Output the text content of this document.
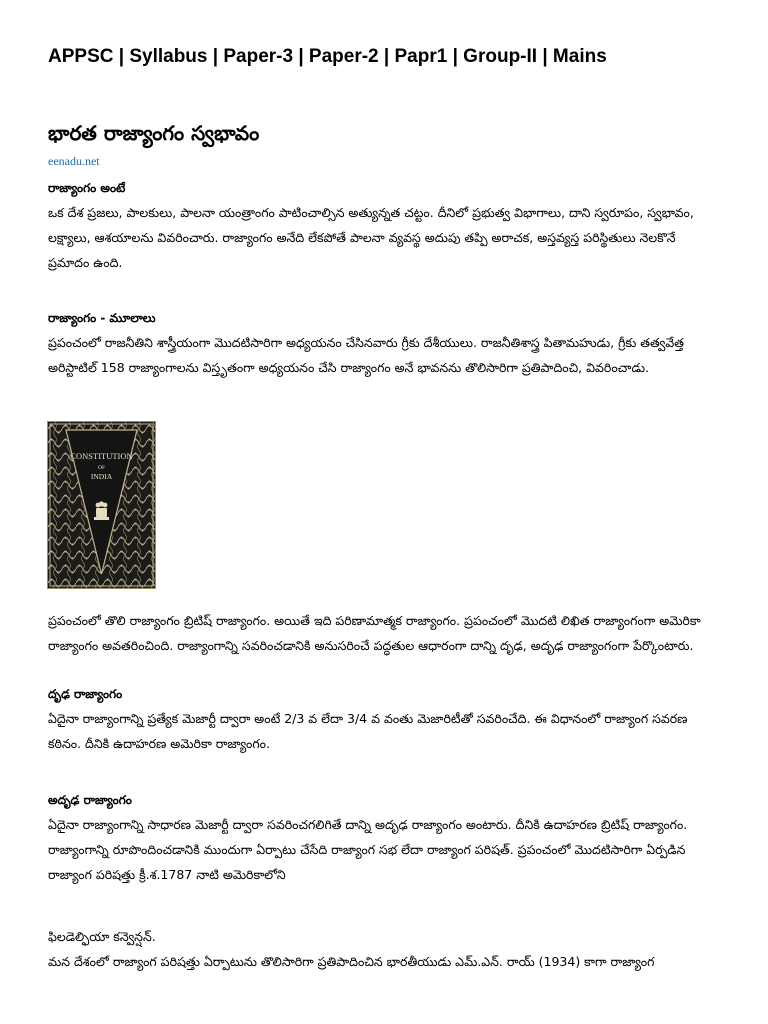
APPSC | Syllabus | Paper-3 | Paper-2 | Papr1 | Group-II | Mains
భారత రాజ్యాంగం స్వభావం
eenadu.net
రాజ్యాంగం అంటే

ఒక దేశ ప్రజలు, పాలకులు, పాలనా యంత్రాంగం పాటించాల్సిన అత్యున్నత చట్టం. దీనిలో ప్రభుత్వ విభాగాలు, దాని స్వరూపం, స్వభావం, లక్ష్యాలు, ఆశయాలను వివరించారు. రాజ్యాంగం అనేది లేకపోతే పాలనా వ్యవస్థ అదుపు తప్పి అరాచక, అస్తవ్యస్త పరిస్థితులు నెలకొనే ప్రమాదం ఉంది.

రాజ్యాంగం - మూలాలు

ప్రపంచంలో రాజనీతిని శాస్త్రీయంగా మొదటిసారిగా అధ్యయనం చేసినవారు గ్రీకు దేశీయులు. రాజనీతిశాస్త్ర పితామహుడు, గ్రీకు తత్వవేత్త అరిస్టాటిల్ 158 రాజ్యాంగాలను విస్తృతంగా అధ్యయనం చేసి రాజ్యాంగం అనే భావనను తొలిసారిగా ప్రతిపాదించి, వివరించాడు.

CONSTITUTION
OF
INDIA

ప్రపంచంలో తొలి రాజ్యాంగం బ్రిటిష్ రాజ్యాంగం. అయితే ఇది పరిణామాత్మక రాజ్యాంగం. ప్రపంచంలో మొదటి లిఖిత రాజ్యాంగంగా అమెరికా రాజ్యాంగం అవతరించింది. రాజ్యాంగాన్ని సవరించడానికి అనుసరించే పద్ధతుల ఆధారంగా దాన్ని దృఢ, అదృఢ రాజ్యాంగంగా పేర్కొంటారు.

దృఢ రాజ్యాంగం

ఏదైనా రాజ్యాంగాన్ని ప్రత్యేక మెజార్టీ ద్వారా అంటే 2/3 వ లేదా 3/4 వ వంతు మెజారిటీతో సవరించేది. ఈ విధానంలో రాజ్యాంగ సవరణ కఠినం. దీనికి ఉదాహరణ అమెరికా రాజ్యాంగం.

అదృఢ రాజ్యాంగం

ఏదైనా రాజ్యాంగాన్ని సాధారణ మెజార్టీ ద్వారా సవరించగలిగితే దాన్ని అదృఢ రాజ్యాంగం అంటారు. దీనికి ఉదాహరణ బ్రిటిష్ రాజ్యాంగం.

రాజ్యాంగాన్ని రూపొందించడానికి ముందుగా ఏర్పాటు చేసేది రాజ్యాంగ సభ లేదా రాజ్యాంగ పరిషత్. ప్రపంచంలో మొదటిసారిగా ఏర్పడిన రాజ్యాంగ పరిషత్తు క్రీ.శ.1787 నాటి అమెరికాలోని

ఫిలడెల్ఫియా కన్వెన్షన్.

మన దేశంలో రాజ్యాంగ పరిషత్తు ఏర్పాటును తొలిసారిగా ప్రతిపాదించిన భారతీయుడు ఎమ్.ఎన్. రాయ్ (1934) కాగా రాజ్యాంగ
